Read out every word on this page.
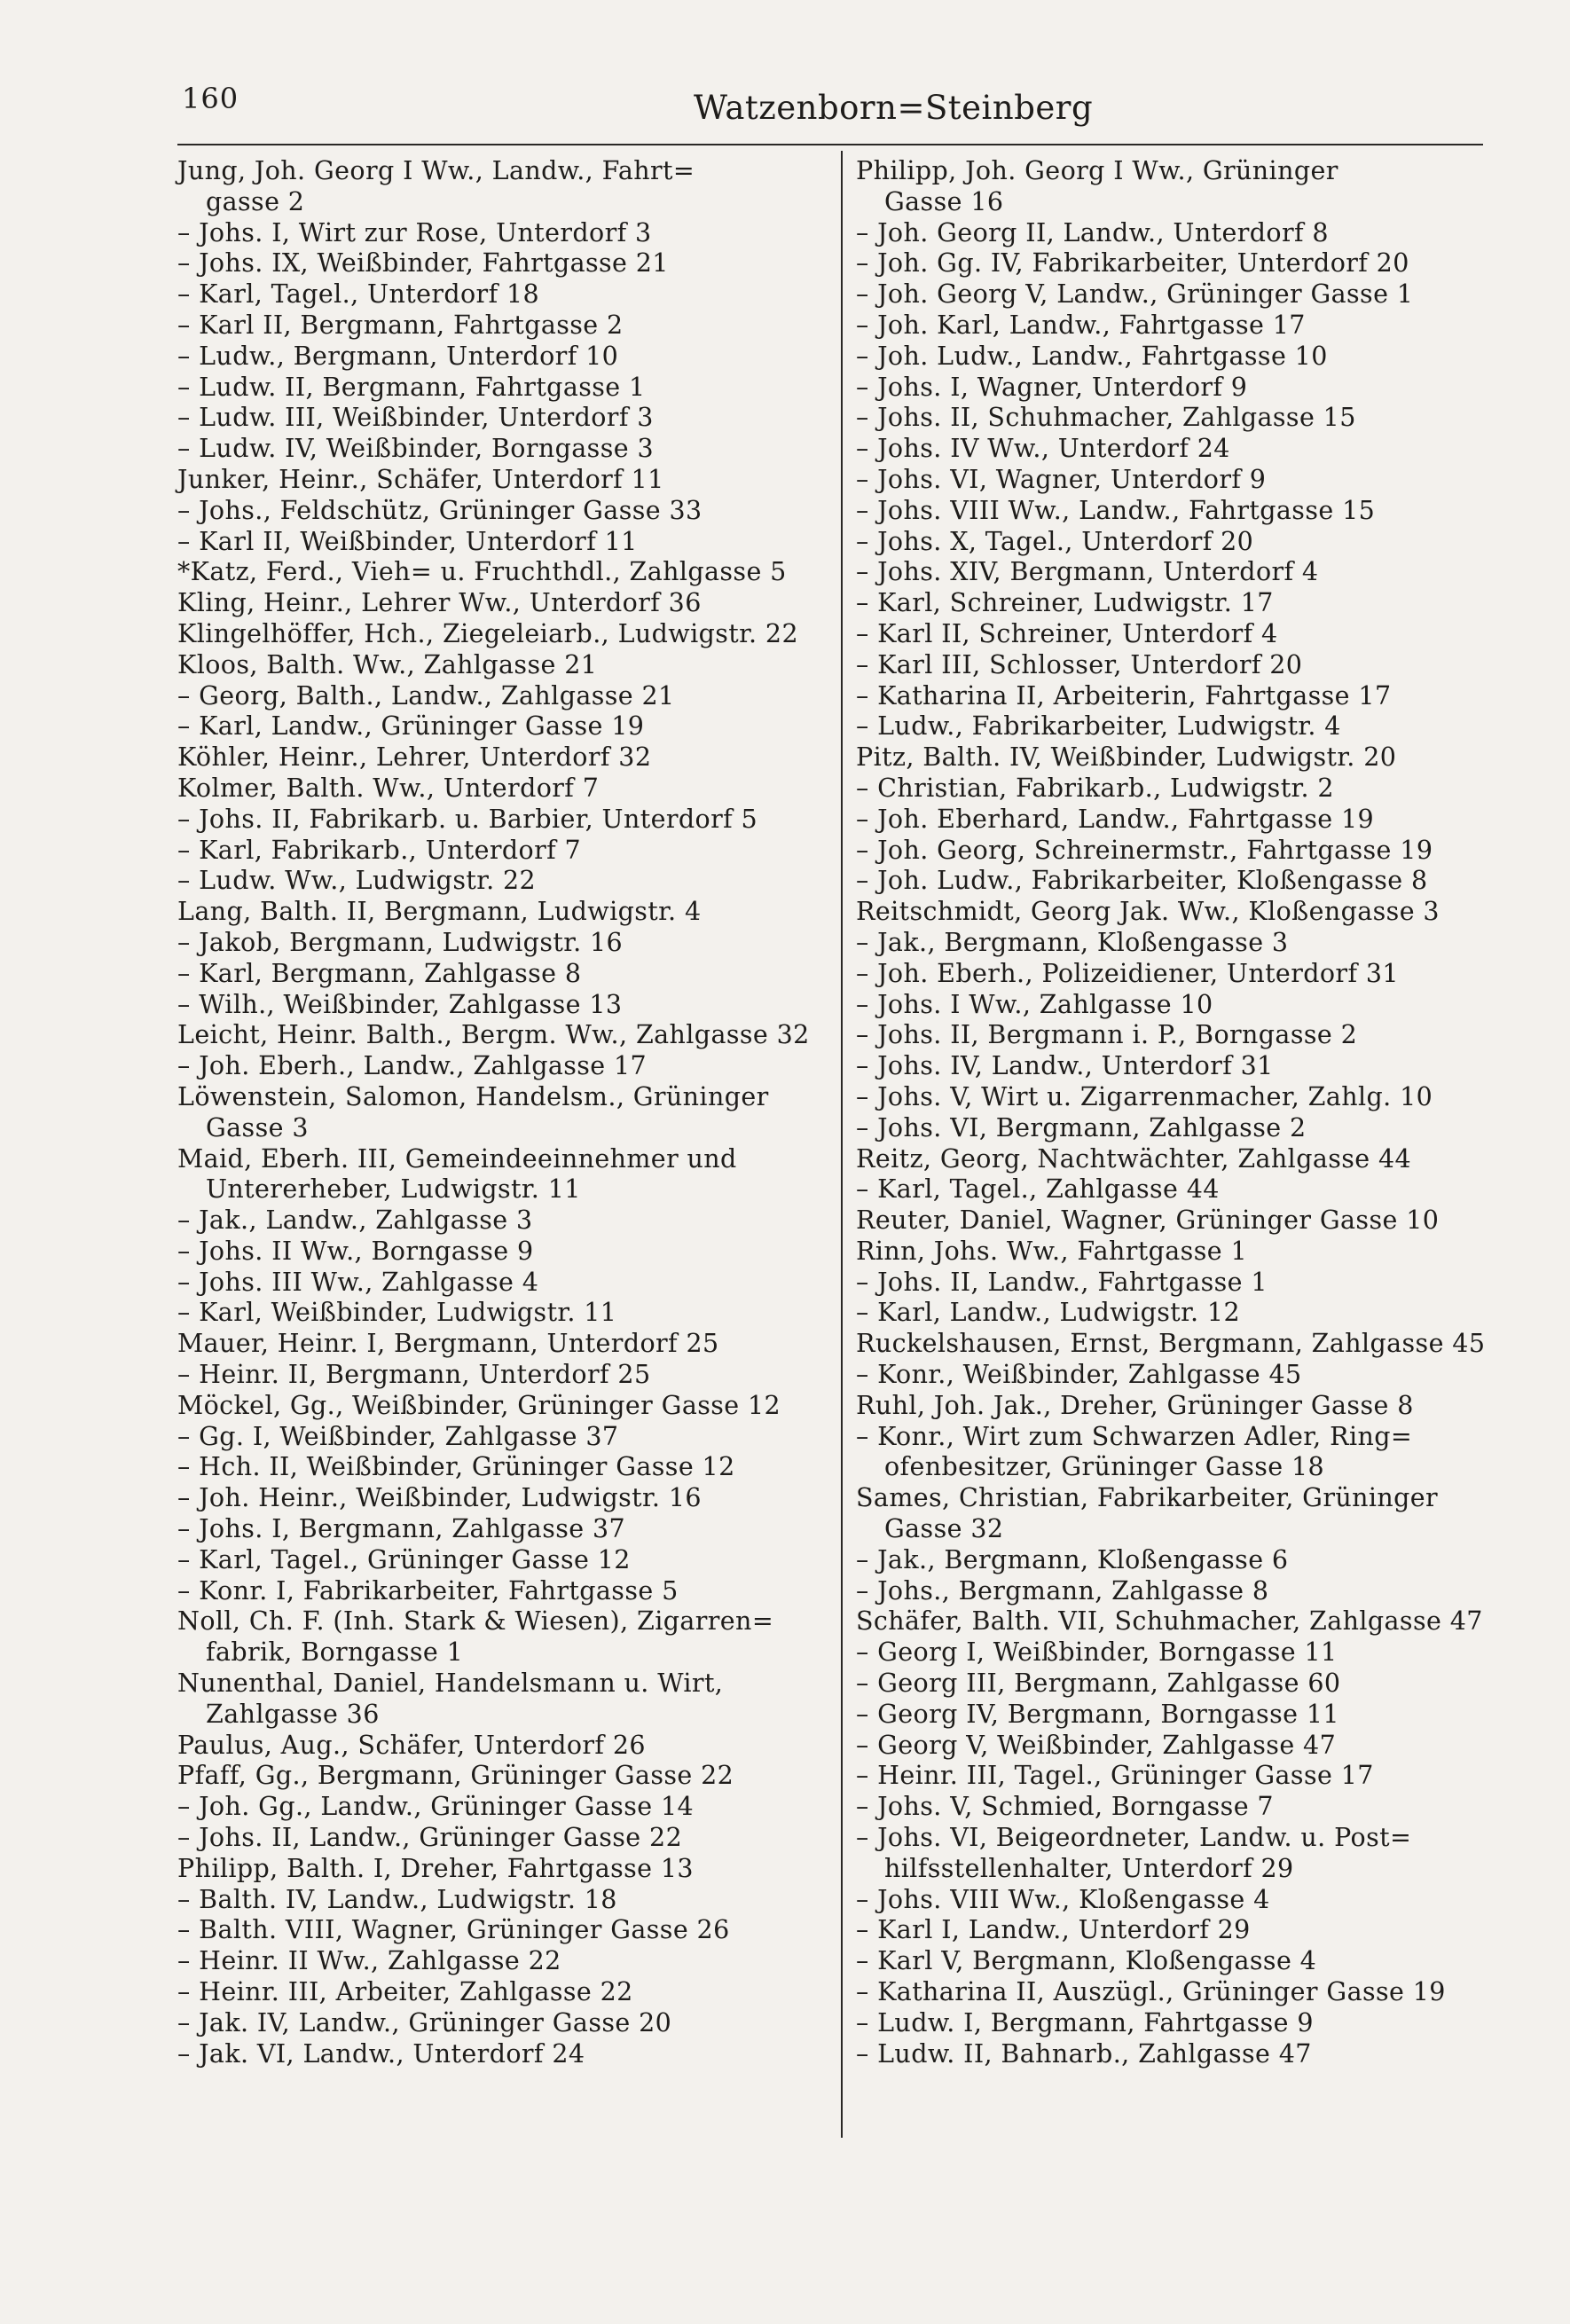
160	Watzenborn=Steinberg
Jung, Joh. Georg I Ww., Landw., Fahrt=
gasse 2
– Johs. I, Wirt zur Rose, Unterdorf 3
– Johs. IX, Weißbinder, Fahrtgasse 21
– Karl, Tagel., Unterdorf 18
– Karl II, Bergmann, Fahrtgasse 2
– Ludw., Bergmann, Unterdorf 10
– Ludw. II, Bergmann, Fahrtgasse 1
– Ludw. III, Weißbinder, Unterdorf 3
– Ludw. IV, Weißbinder, Borngasse 3
Junker, Heinr., Schäfer, Unterdorf 11
– Johs., Feldschütz, Grüninger Gasse 33
– Karl II, Weißbinder, Unterdorf 11
*Katz, Ferd., Vieh= u. Fruchthdl., Zahlgasse 5
Kling, Heinr., Lehrer Ww., Unterdorf 36
Klingelhöffer, Hch., Ziegeleiarb., Ludwigstr. 22
Kloos, Balth. Ww., Zahlgasse 21
– Georg, Balth., Landw., Zahlgasse 21
– Karl, Landw., Grüninger Gasse 19
Köhler, Heinr., Lehrer, Unterdorf 32
Kolmer, Balth. Ww., Unterdorf 7
– Johs. II, Fabrikarb. u. Barbier, Unterdorf 5
– Karl, Fabrikarb., Unterdorf 7
– Ludw. Ww., Ludwigstr. 22
Lang, Balth. II, Bergmann, Ludwigstr. 4
– Jakob, Bergmann, Ludwigstr. 16
– Karl, Bergmann, Zahlgasse 8
– Wilh., Weißbinder, Zahlgasse 13
Leicht, Heinr. Balth., Bergm. Ww., Zahlgasse 32
– Joh. Eberh., Landw., Zahlgasse 17
Löwenstein, Salomon, Handelsm., Grüninger
Gasse 3
Maid, Eberh. III, Gemeindeeinnehmer und
Untererheber, Ludwigstr. 11
– Jak., Landw., Zahlgasse 3
– Johs. II Ww., Borngasse 9
– Johs. III Ww., Zahlgasse 4
– Karl, Weißbinder, Ludwigstr. 11
Mauer, Heinr. I, Bergmann, Unterdorf 25
– Heinr. II, Bergmann, Unterdorf 25
Möckel, Gg., Weißbinder, Grüninger Gasse 12
– Gg. I, Weißbinder, Zahlgasse 37
– Hch. II, Weißbinder, Grüninger Gasse 12
– Joh. Heinr., Weißbinder, Ludwigstr. 16
– Johs. I, Bergmann, Zahlgasse 37
– Karl, Tagel., Grüninger Gasse 12
– Konr. I, Fabrikarbeiter, Fahrtgasse 5
Noll, Ch. F. (Inh. Stark & Wiesen), Zigarren=
fabrik, Borngasse 1
Nunenthal, Daniel, Handelsmann u. Wirt,
Zahlgasse 36
Paulus, Aug., Schäfer, Unterdorf 26
Pfaff, Gg., Bergmann, Grüninger Gasse 22
– Joh. Gg., Landw., Grüninger Gasse 14
– Johs. II, Landw., Grüninger Gasse 22
Philipp, Balth. I, Dreher, Fahrtgasse 13
– Balth. IV, Landw., Ludwigstr. 18
– Balth. VIII, Wagner, Grüninger Gasse 26
– Heinr. II Ww., Zahlgasse 22
– Heinr. III, Arbeiter, Zahlgasse 22
– Jak. IV, Landw., Grüninger Gasse 20
– Jak. VI, Landw., Unterdorf 24
Philipp, Joh. Georg I Ww., Grüninger
Gasse 16
– Joh. Georg II, Landw., Unterdorf 8
– Joh. Gg. IV, Fabrikarbeiter, Unterdorf 20
– Joh. Georg V, Landw., Grüninger Gasse 1
– Joh. Karl, Landw., Fahrtgasse 17
– Joh. Ludw., Landw., Fahrtgasse 10
– Johs. I, Wagner, Unterdorf 9
– Johs. II, Schuhmacher, Zahlgasse 15
– Johs. IV Ww., Unterdorf 24
– Johs. VI, Wagner, Unterdorf 9
– Johs. VIII Ww., Landw., Fahrtgasse 15
– Johs. X, Tagel., Unterdorf 20
– Johs. XIV, Bergmann, Unterdorf 4
– Karl, Schreiner, Ludwigstr. 17
– Karl II, Schreiner, Unterdorf 4
– Karl III, Schlosser, Unterdorf 20
– Katharina II, Arbeiterin, Fahrtgasse 17
– Ludw., Fabrikarbeiter, Ludwigstr. 4
Pitz, Balth. IV, Weißbinder, Ludwigstr. 20
– Christian, Fabrikarb., Ludwigstr. 2
– Joh. Eberhard, Landw., Fahrtgasse 19
– Joh. Georg, Schreinermstr., Fahrtgasse 19
– Joh. Ludw., Fabrikarbeiter, Kloßengasse 8
Reitschmidt, Georg Jak. Ww., Kloßengasse 3
– Jak., Bergmann, Kloßengasse 3
– Joh. Eberh., Polizeidiener, Unterdorf 31
– Johs. I Ww., Zahlgasse 10
– Johs. II, Bergmann i. P., Borngasse 2
– Johs. IV, Landw., Unterdorf 31
– Johs. V, Wirt u. Zigarrenmacher, Zahlg. 10
– Johs. VI, Bergmann, Zahlgasse 2
Reitz, Georg, Nachtwächter, Zahlgasse 44
– Karl, Tagel., Zahlgasse 44
Reuter, Daniel, Wagner, Grüninger Gasse 10
Rinn, Johs. Ww., Fahrtgasse 1
– Johs. II, Landw., Fahrtgasse 1
– Karl, Landw., Ludwigstr. 12
Ruckelshausen, Ernst, Bergmann, Zahlgasse 45
– Konr., Weißbinder, Zahlgasse 45
Ruhl, Joh. Jak., Dreher, Grüninger Gasse 8
– Konr., Wirt zum Schwarzen Adler, Ring=
ofenbesitzer, Grüninger Gasse 18
Sames, Christian, Fabrikarbeiter, Grüninger
Gasse 32
– Jak., Bergmann, Kloßengasse 6
– Johs., Bergmann, Zahlgasse 8
Schäfer, Balth. VII, Schuhmacher, Zahlgasse 47
– Georg I, Weißbinder, Borngasse 11
– Georg III, Bergmann, Zahlgasse 60
– Georg IV, Bergmann, Borngasse 11
– Georg V, Weißbinder, Zahlgasse 47
– Heinr. III, Tagel., Grüninger Gasse 17
– Johs. V, Schmied, Borngasse 7
– Johs. VI, Beigeordneter, Landw. u. Post=
hilfsstellenhalter, Unterdorf 29
– Johs. VIII Ww., Kloßengasse 4
– Karl I, Landw., Unterdorf 29
– Karl V, Bergmann, Kloßengasse 4
– Katharina II, Auszügl., Grüninger Gasse 19
– Ludw. I, Bergmann, Fahrtgasse 9
– Ludw. II, Bahnarb., Zahlgasse 47
